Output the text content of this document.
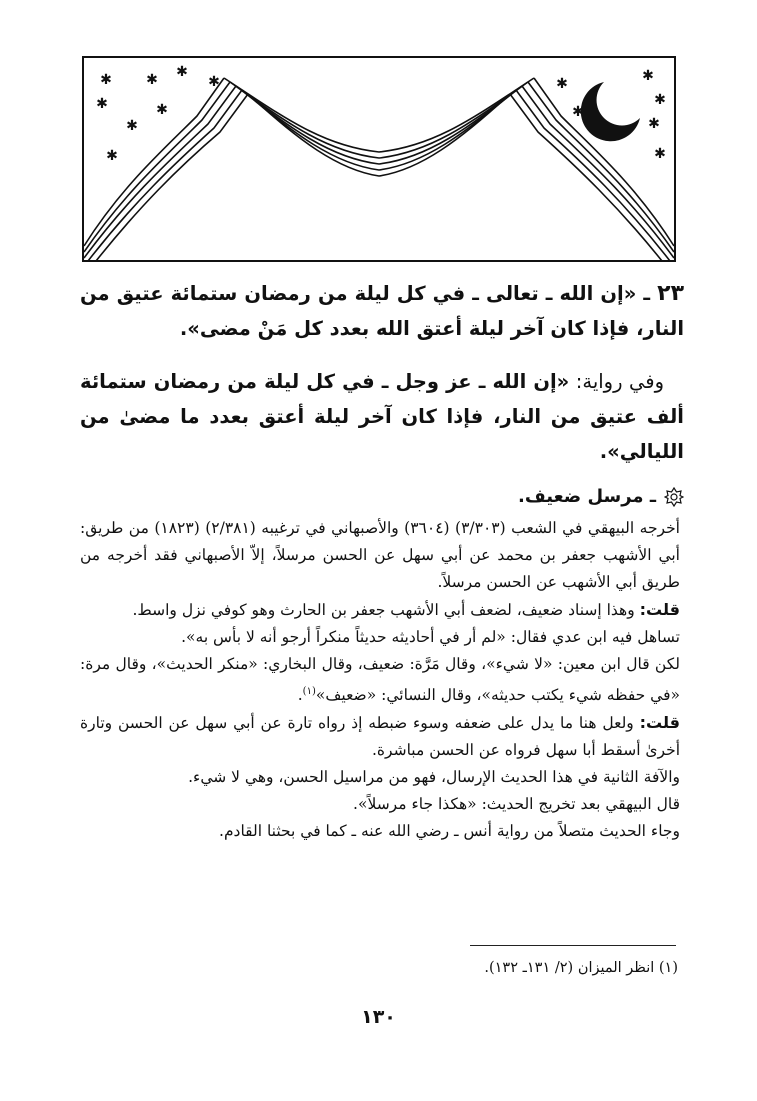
✱ ✱ ✱
✱
✱	✱
✱
✱
✱
✱
✱
✱
✱
✱
٢٣ ـ «إن الله ـ تعالى ـ في كل ليلة من رمضان ستمائة عتيق من النار، فإذا كان آخر ليلة أعتق الله بعدد كل مَنْ مضى».
وفي رواية: «إن الله ـ عز وجل ـ في كل ليلة من رمضان ستمائة ألف عتيق من النار، فإذا كان آخر ليلة أعتق بعدد ما مضىٰ من الليالي».
ـ مرسل ضعيف.

أخرجه البيهقي في الشعب (٣/٣٠٣) (٣٦٠٤) والأصبهاني في ترغيبه (٢/٣٨١) (١٨٢٣) من طريق: أبي الأشهب جعفر بن محمد عن أبي سهل عن الحسن مرسلاً، إلاّ الأصبهاني فقد أخرجه من طريق أبي الأشهب عن الحسن مرسلاً.

قلت: وهذا إسناد ضعيف، لضعف أبي الأشهب جعفر بن الحارث وهو كوفي نزل واسط.

تساهل فيه ابن عدي فقال: «لم أر في أحاديثه حديثاً منكراً أرجو أنه لا بأس به».

لكن قال ابن معين: «لا شيء»، وقال مَرَّة: ضعيف، وقال البخاري: «منكر الحديث»، وقال مرة: «في حفظه شيء يكتب حديثه»، وقال النسائي: «ضعيف»$^{(١)}$.

قلت: ولعل هنا ما يدل على ضعفه وسوء ضبطه إذ رواه تارة عن أبي سهل عن الحسن وتارة أخرىٰ أسقط أبا سهل فرواه عن الحسن مباشرة.

والآفة الثانية في هذا الحديث الإرسال، فهو من مراسيل الحسن، وهي لا شيء.

قال البيهقي بعد تخريج الحديث: «هكذا جاء مرسلاً».

وجاء الحديث متصلاً من رواية أنس ـ رضي الله عنه ـ كما في بحثنا القادم.

(١) انظر الميزان (٢/ ١٣١ـ ١٣٢).
١٣٠
